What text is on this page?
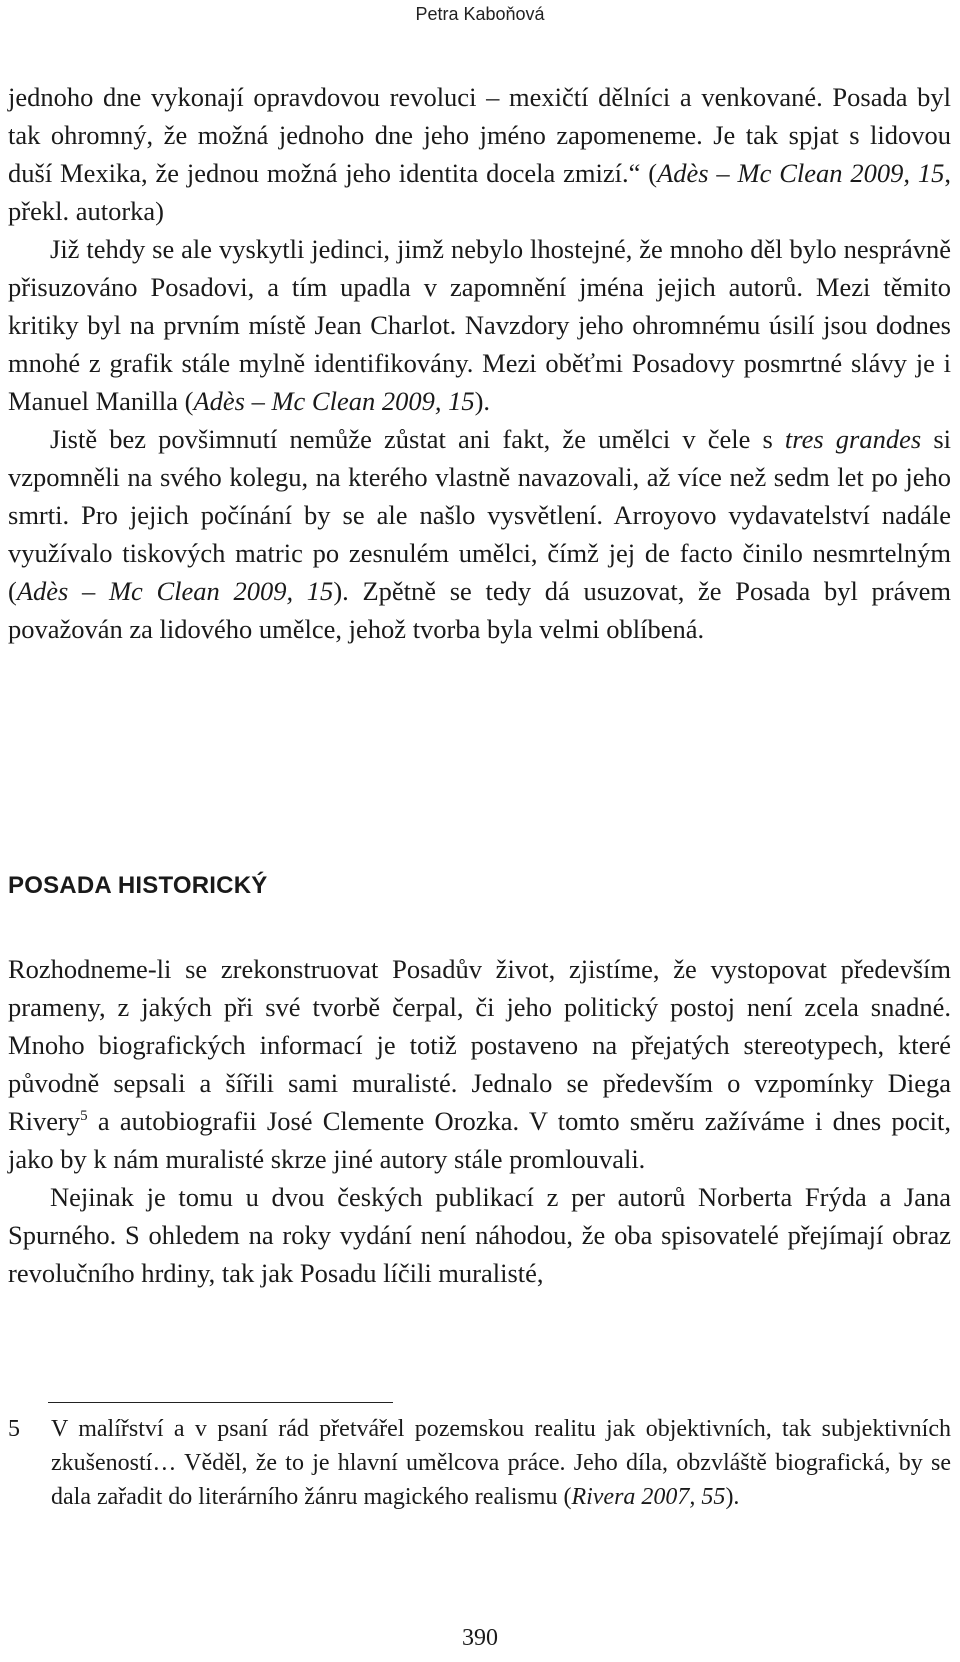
Petra Kaboňová

jednoho dne vykonají opravdovou revoluci – mexičtí dělníci a venkované. Posada byl tak ohromný, že možná jednoho dne jeho jméno zapomeneme. Je tak spjat s lidovou duší Mexika, že jednou možná jeho identita docela zmizí.“ (Adès – Mc Clean 2009, 15, překl. autorka)

Již tehdy se ale vyskytli jedinci, jimž nebylo lhostejné, že mnoho děl bylo nesprávně přisuzováno Posadovi, a tím upadla v zapomnění jména jejich autorů. Mezi těmito kritiky byl na prvním místě Jean Charlot. Navzdory jeho ohromnému úsilí jsou dodnes mnohé z grafik stále mylně identifikovány. Mezi oběťmi Posadovy posmrtné slávy je i Manuel Manilla (Adès – Mc Clean 2009, 15).

Jistě bez povšimnutí nemůže zůstat ani fakt, že umělci v čele s tres grandes si vzpomněli na svého kolegu, na kterého vlastně navazovali, až více než sedm let po jeho smrti. Pro jejich počínání by se ale našlo vysvětlení. Arroyovo vydavatelství nadále využívalo tiskových matric po zesnulém umělci, čímž jej de facto činilo nesmrtelným (Adès – Mc Clean 2009, 15). Zpětně se tedy dá usuzovat, že Posada byl právem považován za lidového umělce, jehož tvorba byla velmi oblíbená.

POSADA HISTORICKÝ

Rozhodneme-li se zrekonstruovat Posadův život, zjistíme, že vystopovat především prameny, z jakých při své tvorbě čerpal, či jeho politický postoj není zcela snadné. Mnoho biografických informací je totiž postaveno na přejatých stereotypech, které původně sepsali a šířili sami muralisté. Jednalo se především o vzpomínky Diega Rivery$^5$ a autobiografii José Clemente Orozka. V tomto směru zažíváme i dnes pocit, jako by k nám muralisté skrze jiné autory stále promlouvali.

Nejinak je tomu u dvou českých publikací z per autorů Norberta Frýda a Jana Spurného. S ohledem na roky vydání není náhodou, že oba spisovatelé přejímají obraz revolučního hrdiny, tak jak Posadu líčili muralisté,

5 V malířství a v psaní rád přetvářel pozemskou realitu jak objektivních, tak subjektivních zkušeností… Věděl, že to je hlavní umělcova práce. Jeho díla, obzvláště biografická, by se dala zařadit do literárního žánru magického realismu (Rivera 2007, 55).
390
